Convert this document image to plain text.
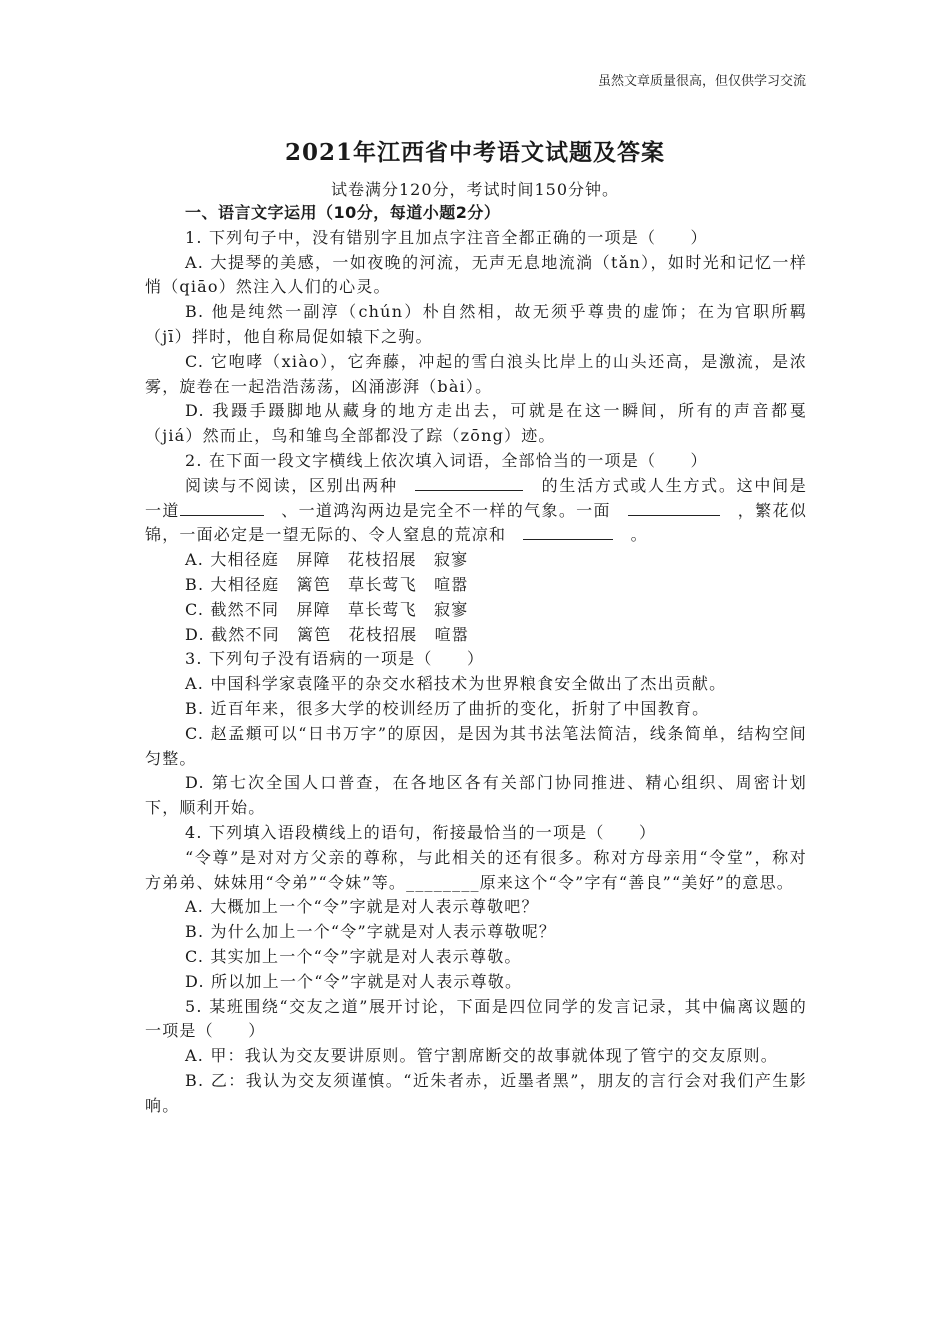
虽然文章质量很高，但仅供学习交流
2021年江西省中考语文试题及答案
试卷满分120分，考试时间150分钟。

一、语言文字运用（10分，每道小题2分）

1. 下列句子中，没有错别字且加点字注音全都正确的一项是（　　）

A. 大提琴的美感，一如夜晚的河流，无声无息地流淌（tǎn），如时光和记忆一样悄（qiāo）然注入人们的心灵。

B. 他是纯然一副淳（chún）朴自然相，故无须乎尊贵的虚饰；在为官职所羁（jī）拌时，他自称局促如辕下之驹。

C. 它咆哮（xiào），它奔藤，冲起的雪白浪头比岸上的山头还高，是激流，是浓雾，旋卷在一起浩浩荡荡，凶涌澎湃（bài）。

D. 我蹑手蹑脚地从藏身的地方走出去，可就是在这一瞬间，所有的声音都戛（jiá）然而止，鸟和雏鸟全部都没了踪（zōng）迹。

2. 在下面一段文字横线上依次填入词语，全部恰当的一项是（　　）

阅读与不阅读，区别出两种　　	的生活方式或人生方式。这中间是一道　	、一道鸿沟两边是完全不一样的气象。一面　　	，繁花似锦，一面必定是一望无际的、令人窒息的荒凉和　　	。

A. 大相径庭　屏障　花枝招展　寂寥

B. 大相径庭　篱笆　草长莺飞　喧嚣

C. 截然不同　屏障　草长莺飞　寂寥

D. 截然不同　篱笆　花枝招展　喧嚣

3. 下列句子没有语病的一项是（　　）

A. 中国科学家袁隆平的杂交水稻技术为世界粮食安全做出了杰出贡献。

B. 近百年来，很多大学的校训经历了曲折的变化，折射了中国教育。

C. 赵孟頫可以“日书万字”的原因，是因为其书法笔法简洁，线条简单，结构空间匀整。

D. 第七次全国人口普查，在各地区各有关部门协同推进、精心组织、周密计划下，顺利开始。

4. 下列填入语段横线上的语句，衔接最恰当的一项是（　　）

“令尊”是对对方父亲的尊称，与此相关的还有很多。称对方母亲用“令堂”，称对方弟弟、妹妹用“令弟”“令妹”等。________原来这个“令”字有“善良”“美好”的意思。

A. 大概加上一个“令”字就是对人表示尊敬吧？

B. 为什么加上一个“令”字就是对人表示尊敬呢？

C. 其实加上一个“令”字就是对人表示尊敬。

D. 所以加上一个“令”字就是对人表示尊敬。

5. 某班围绕“交友之道”展开讨论，下面是四位同学的发言记录，其中偏离议题的一项是（　　）

A. 甲：我认为交友要讲原则。管宁割席断交的故事就体现了管宁的交友原则。

B. 乙：我认为交友须谨慎。“近朱者赤，近墨者黑”，朋友的言行会对我们产生影响。
